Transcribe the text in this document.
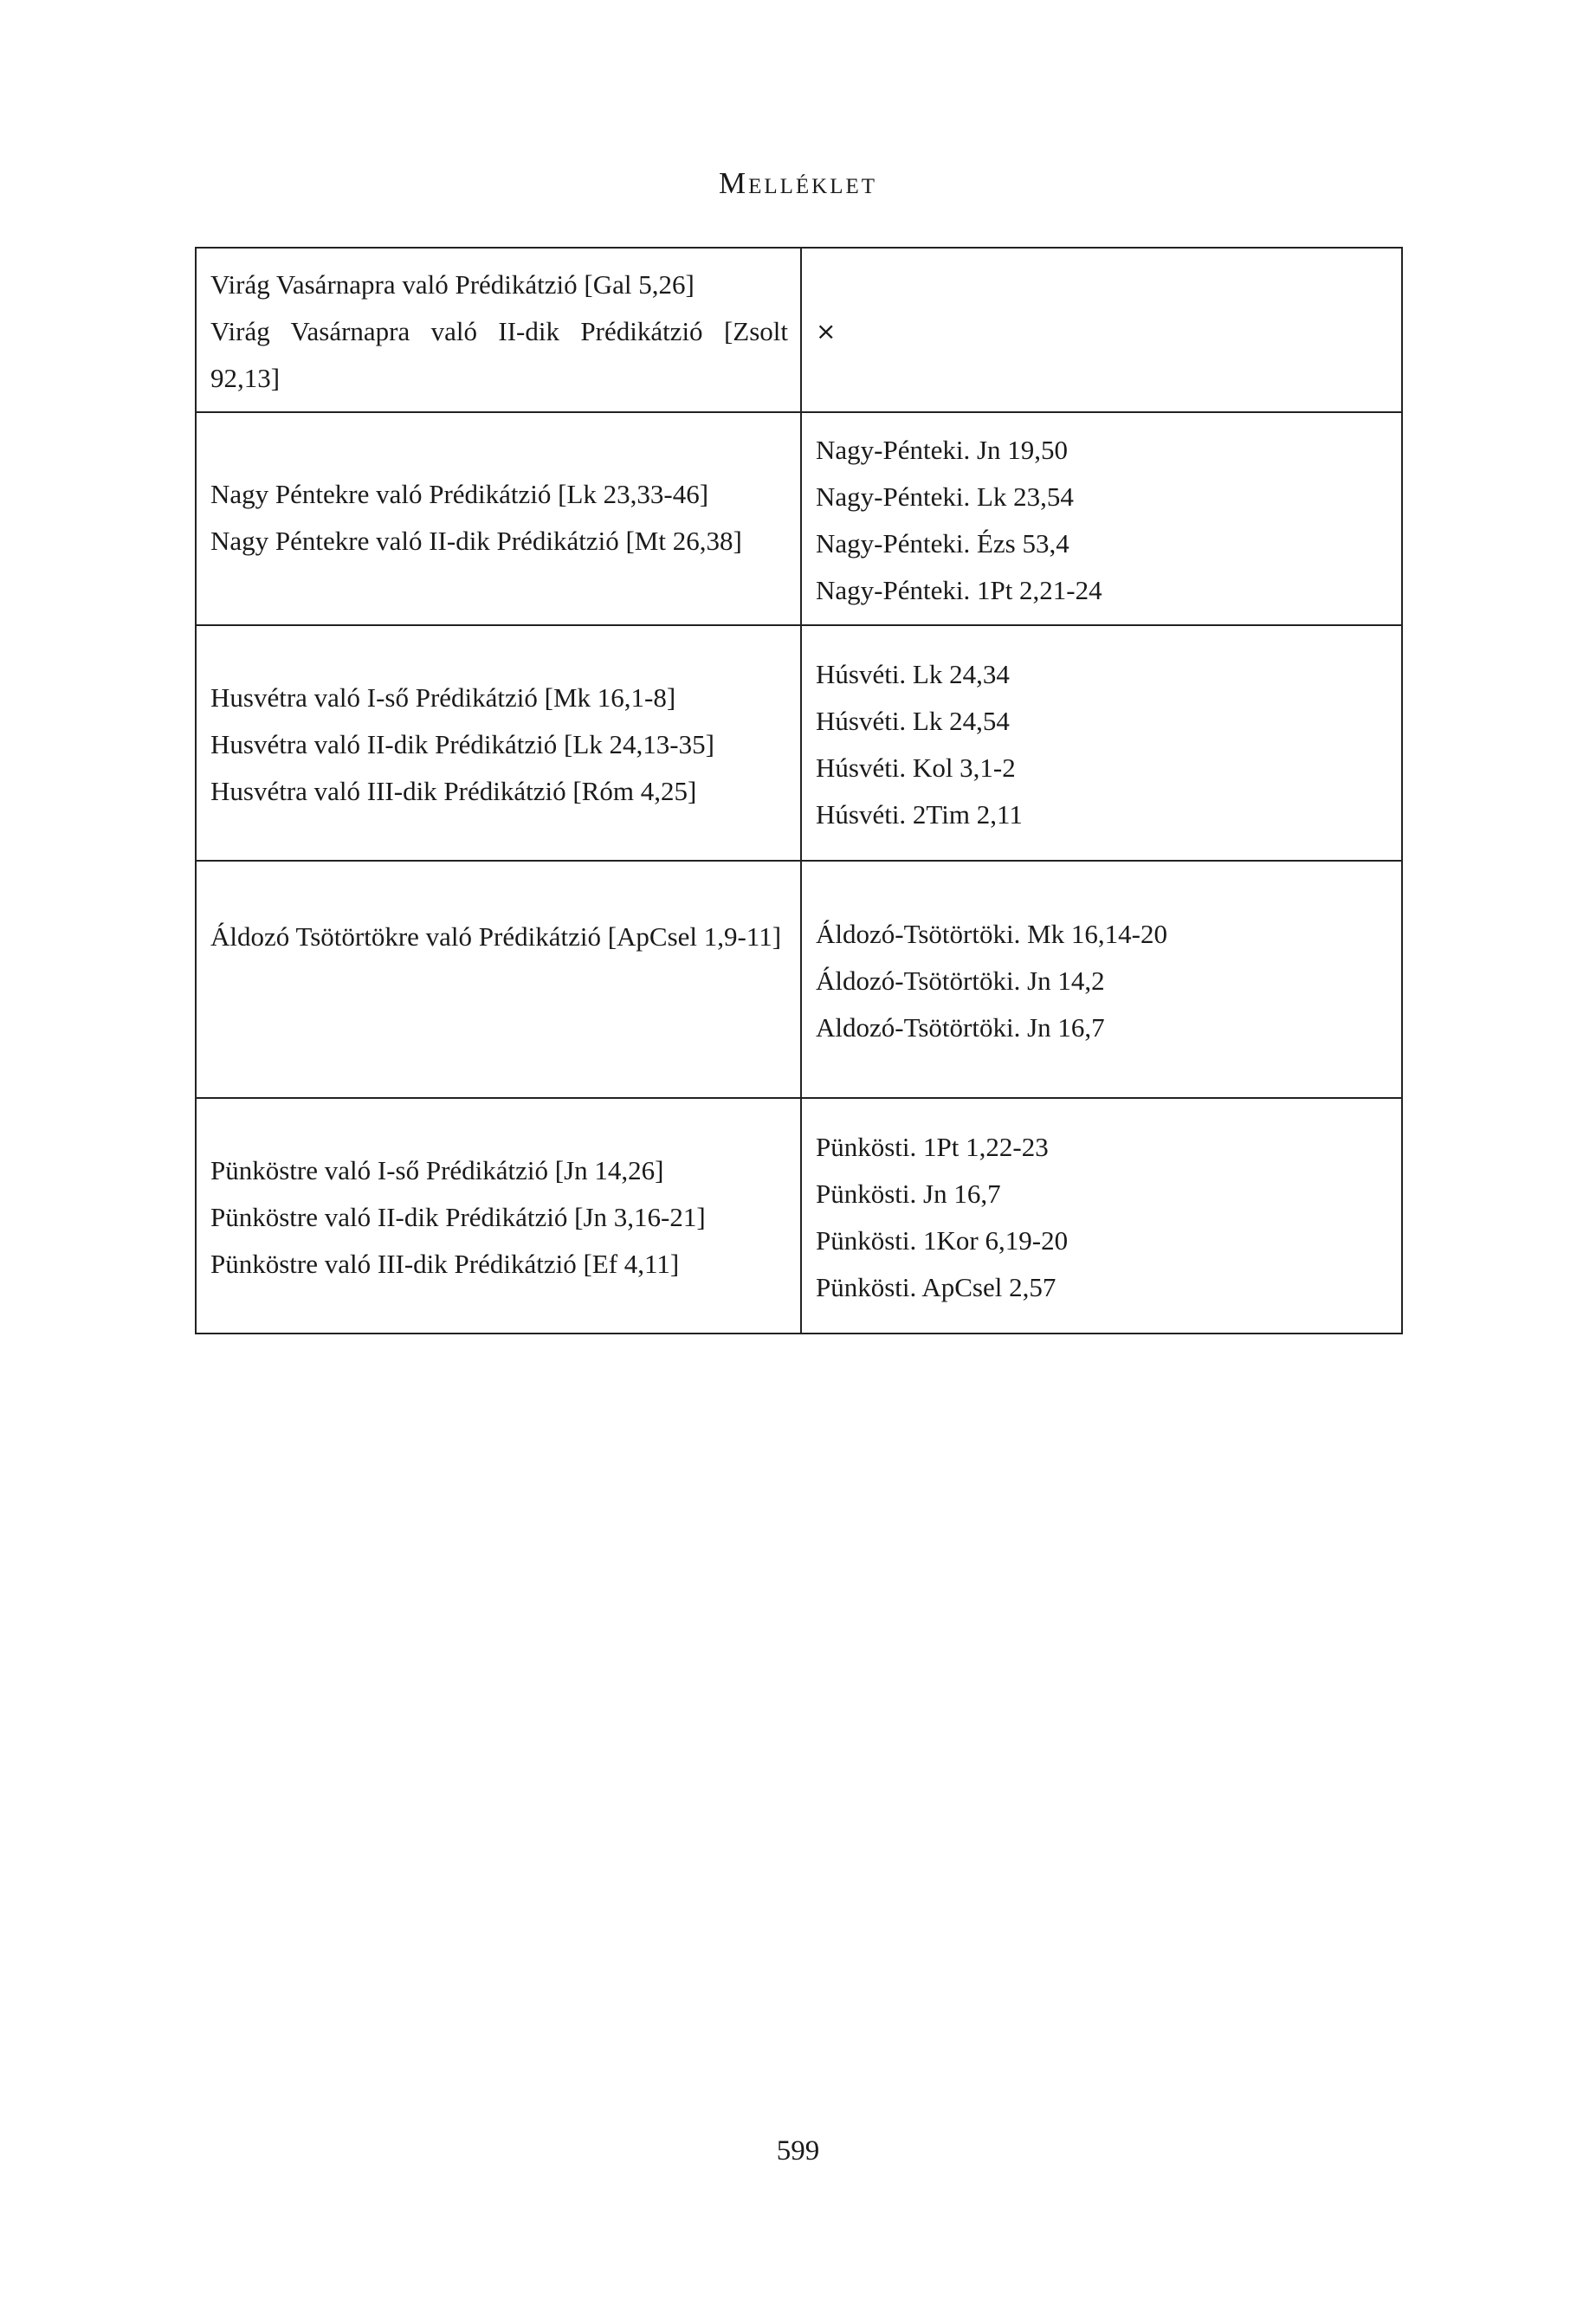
Melléklet
Virág Vasárnapra való Prédikátzió [Gal 5,26]
Virág Vasárnapra való II-dik Prédikátzió [Zsolt 92,13]	×

Nagy Péntekre való Prédikátzió [Lk 23,33-46]
Nagy Péntekre való II-dik Prédikátzió [Mt 26,38]	Nagy-Pénteki. Jn 19,50
Nagy-Pénteki. Lk 23,54
Nagy-Pénteki. Ézs 53,4
Nagy-Pénteki. 1Pt 2,21-24

Husvétra való I-ső Prédikátzió [Mk 16,1-8]
Husvétra való II-dik Prédikátzió [Lk 24,13-35]
Husvétra való III-dik Prédikátzió [Róm 4,25]	Húsvéti. Lk 24,34
Húsvéti. Lk 24,54
Húsvéti. Kol 3,1-2
Húsvéti. 2Tim 2,11

Áldozó Tsötörtökre való Prédikátzió [ApCsel 1,9-11]	Áldozó-Tsötörtöki. Mk 16,14-20
Áldozó-Tsötörtöki. Jn 14,2
Aldozó-Tsötörtöki. Jn 16,7

Pünköstre való I-ső Prédikátzió [Jn 14,26]
Pünköstre való II-dik Prédikátzió [Jn 3,16-21]
Pünköstre való III-dik Prédikátzió [Ef 4,11]	Pünkösti. 1Pt 1,22-23
Pünkösti. Jn 16,7
Pünkösti. 1Kor 6,19-20
Pünkösti. ApCsel 2,57
599
